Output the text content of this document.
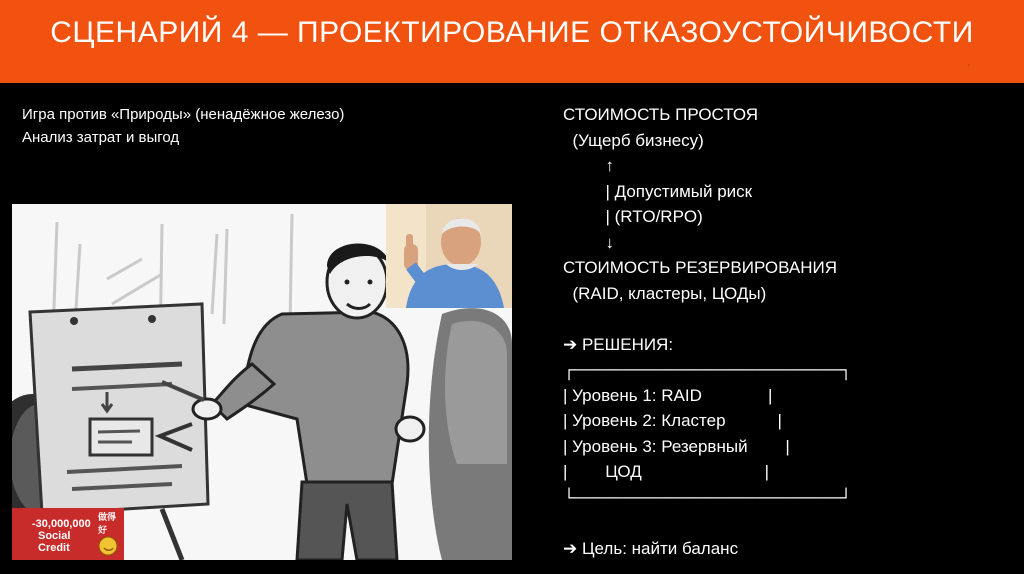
СЦЕНАРИЙ 4 — ПРОЕКТИРОВАНИЕ ОТКАЗОУСТОЙЧИВОСТИ
Игра против «Природы» (ненадёжное железо)
Анализ затрат и выгод
СТОИМОСТЬ ПРОСТОЯ
(Ущерб бизнесу)
↑
| Допустимый риск
| (RTO/RPO)
↓
СТОИМОСТЬ РЕЗЕРВИРОВАНИЯ
(RAID, кластеры, ЦОДы)
➔ РЕШЕНИЯ:
┌──────────────────────┐
| Уровень 1: RAID              |
| Уровень 2: Кластер           |
| Уровень 3: Резервный        |
|        ЦОД                          |
└──────────────────────┘
➔ Цель: найти баланс
做得好
-30,000,000
Social
Credit
